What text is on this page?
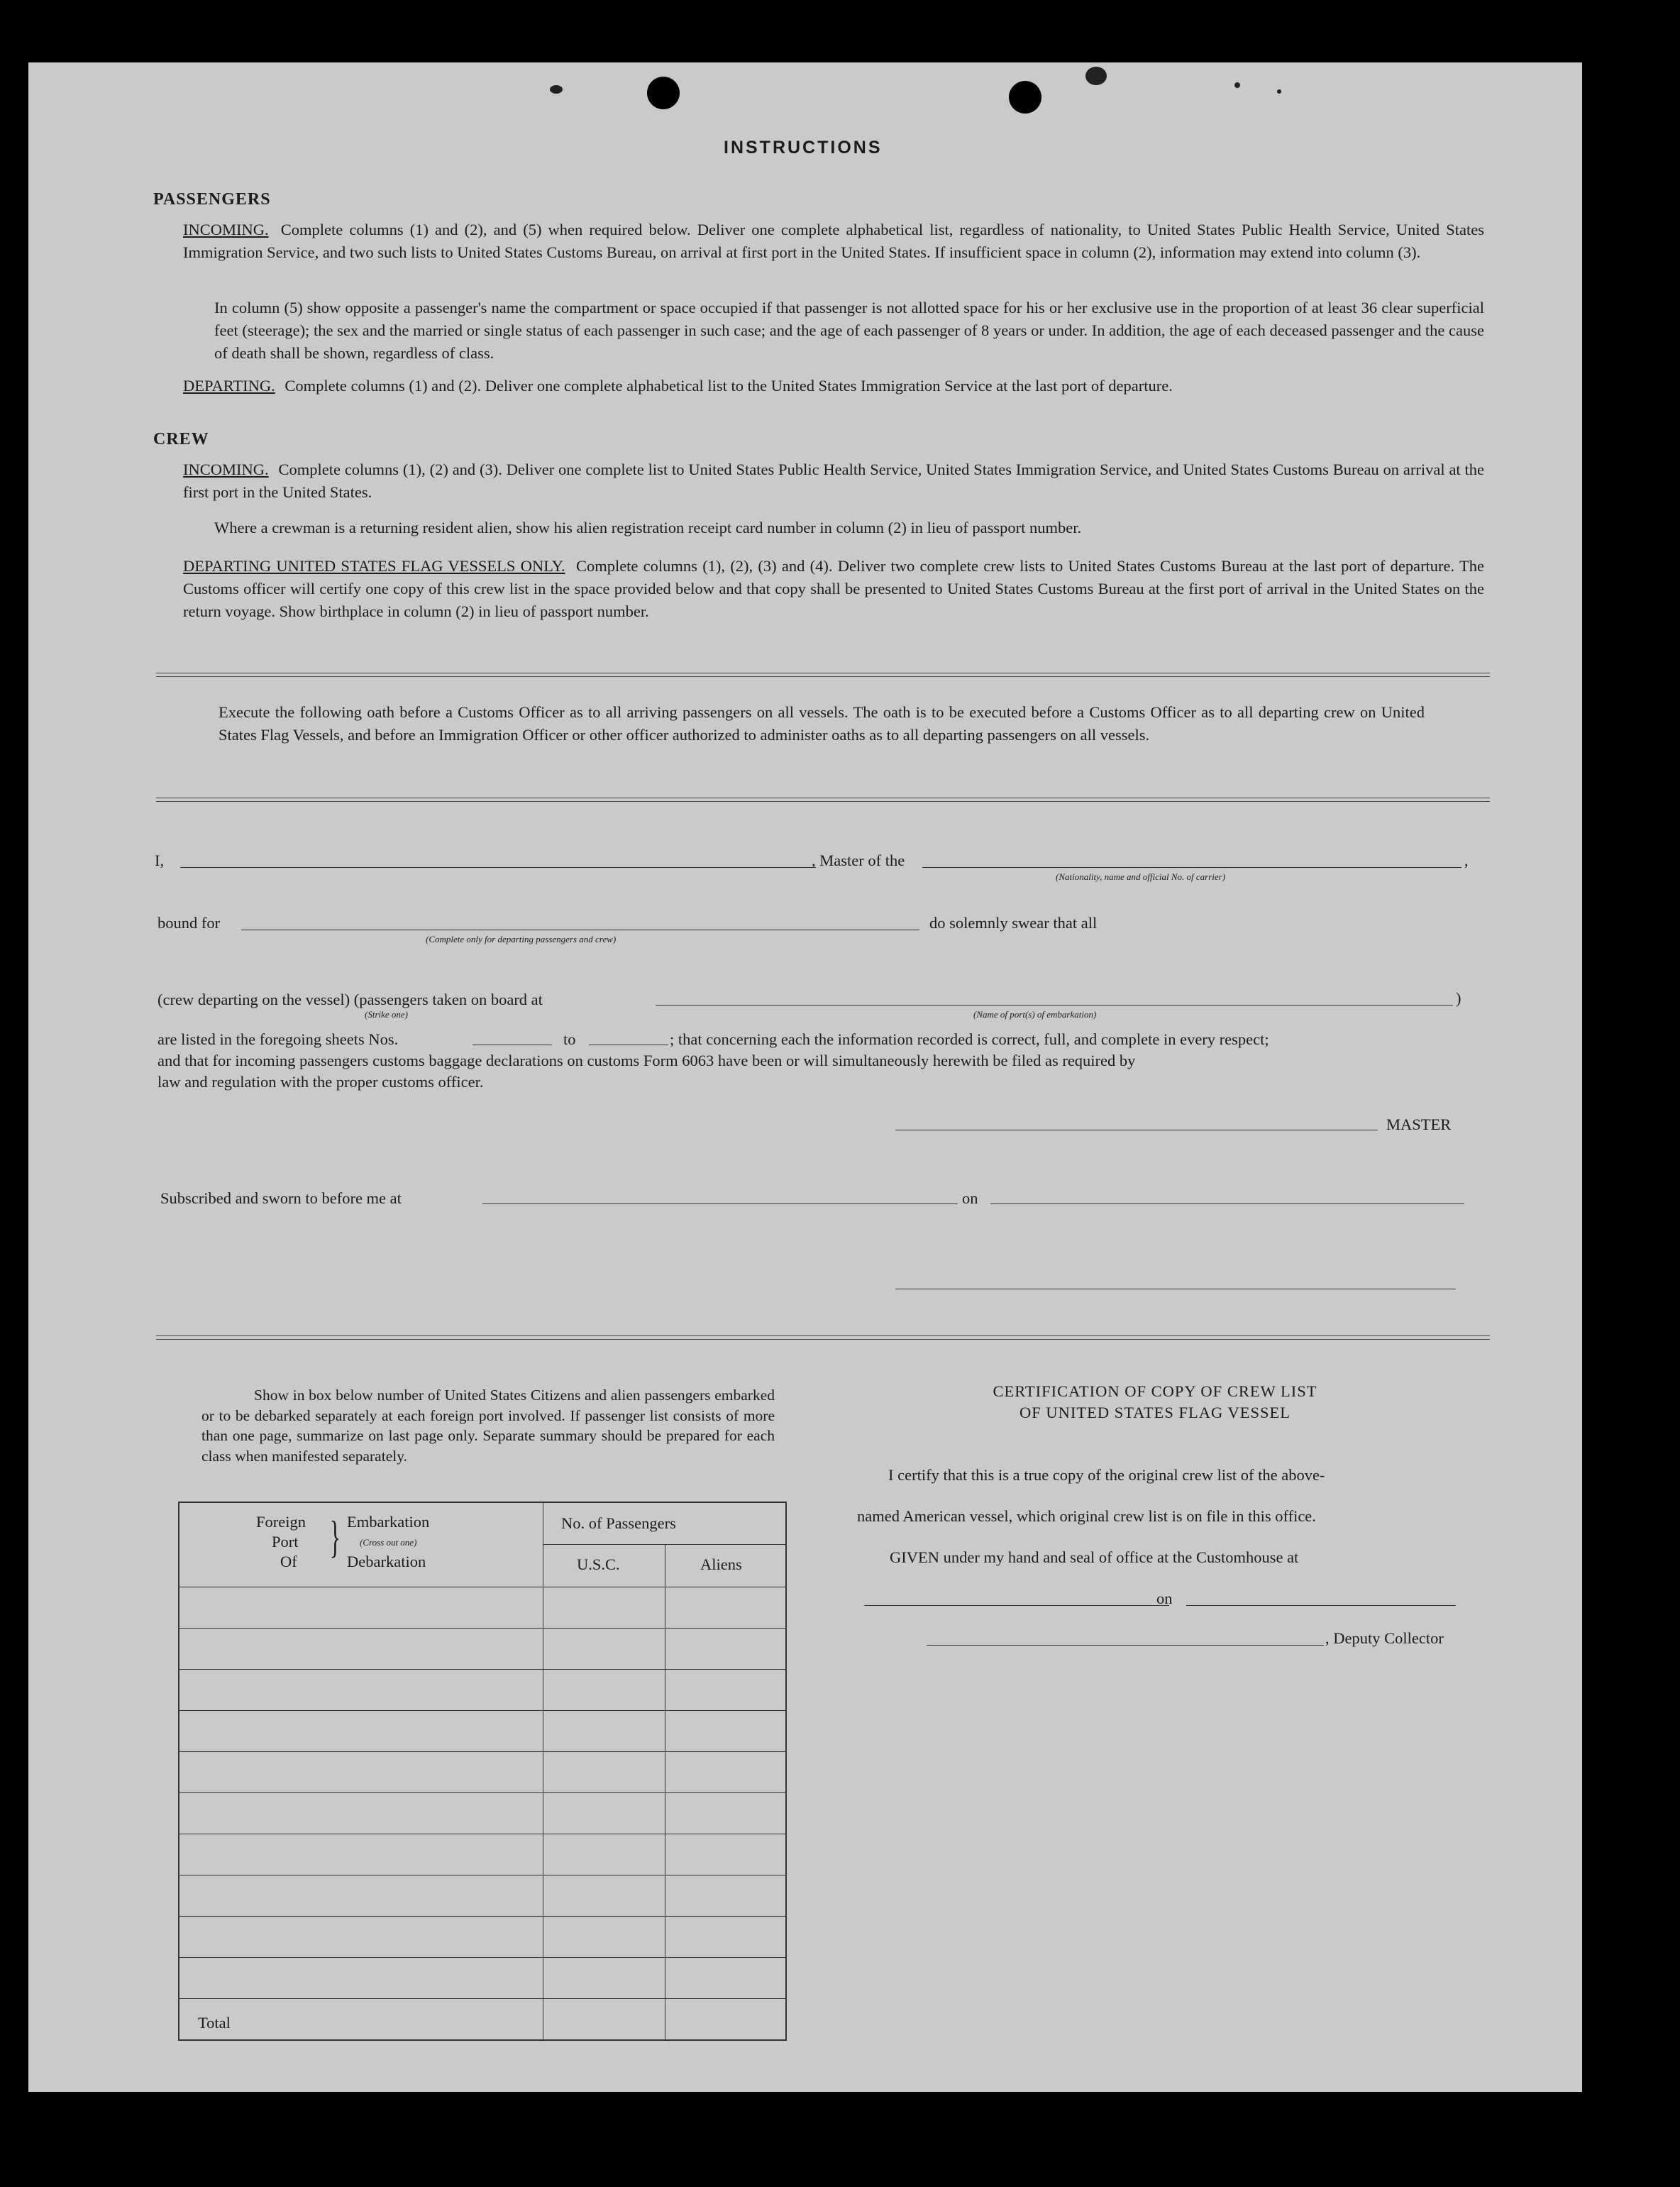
INSTRUCTIONS
PASSENGERS
INCOMING. Complete columns (1) and (2), and (5) when required below. Deliver one complete alphabetical list, regardless of nationality, to United States Public Health Service, United States Immigration Service, and two such lists to United States Customs Bureau, on arrival at first port in the United States. If insufficient space in column (2), information may extend into column (3).
In column (5) show opposite a passenger's name the compartment or space occupied if that passenger is not allotted space for his or her exclusive use in the proportion of at least 36 clear superficial feet (steerage); the sex and the married or single status of each passenger in such case; and the age of each passenger of 8 years or under. In addition, the age of each deceased passenger and the cause of death shall be shown, regardless of class.
DEPARTING. Complete columns (1) and (2). Deliver one complete alphabetical list to the United States Immigration Service at the last port of departure.
CREW
INCOMING. Complete columns (1), (2) and (3). Deliver one complete list to United States Public Health Service, United States Immigration Service, and United States Customs Bureau on arrival at the first port in the United States.
Where a crewman is a returning resident alien, show his alien registration receipt card number in column (2) in lieu of passport number.
DEPARTING UNITED STATES FLAG VESSELS ONLY. Complete columns (1), (2), (3) and (4). Deliver two complete crew lists to United States Customs Bureau at the last port of departure. The Customs officer will certify one copy of this crew list in the space provided below and that copy shall be presented to United States Customs Bureau at the first port of arrival in the United States on the return voyage. Show birthplace in column (2) in lieu of passport number.
Execute the following oath before a Customs Officer as to all arriving passengers on all vessels. The oath is to be executed before a Customs Officer as to all departing crew on United States Flag Vessels, and before an Immigration Officer or other officer authorized to administer oaths as to all departing passengers on all vessels.
I,	, Master of the	,
(Nationality, name and official No. of carrier)
bound for	do solemnly swear that all
(Complete only for departing passengers and crew)
(crew departing on the vessel) (passengers taken on board at	)
(Strike one)	(Name of port(s) of embarkation)
are listed in the foregoing sheets Nos.	to	; that concerning each the information recorded is correct, full, and complete in every respect;
and that for incoming passengers customs baggage declarations on customs Form 6063 have been or will simultaneously herewith be filed as required by
law and regulation with the proper customs officer.
MASTER
Subscribed and sworn to before me at	on
Show in box below number of United States Citizens and alien passengers embarked or to be debarked separately at each foreign port involved. If passenger list consists of more than one page, summarize on last page only. Separate summary should be prepared for each class when manifested separately.
Foreign
Port
Of } Embarkation
(Cross out one)
Debarkation
No. of Passengers
U.S.C.	Aliens
Total
CERTIFICATION OF COPY OF CREW LIST
OF UNITED STATES FLAG VESSEL
I certify that this is a true copy of the original crew list of the above-
named American vessel, which original crew list is on file in this office.
GIVEN under my hand and seal of office at the Customhouse at
on
, Deputy Collector
